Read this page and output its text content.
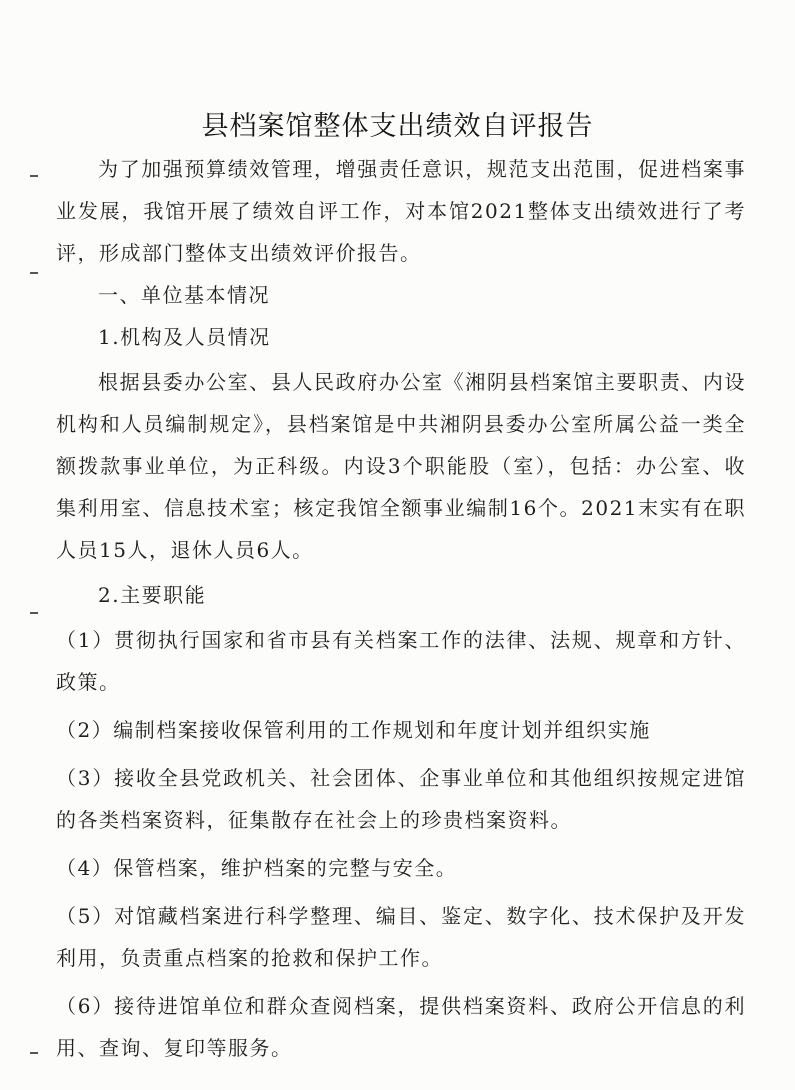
县档案馆整体支出绩效自评报告

为了加强预算绩效管理，增强责任意识，规范支出范围，促进档案事业发展，我馆开展了绩效自评工作，对本馆2021整体支出绩效进行了考评，形成部门整体支出绩效评价报告。

一、单位基本情况

1.机构及人员情况

根据县委办公室、县人民政府办公室《湘阴县档案馆主要职责、内设机构和人员编制规定》，县档案馆是中共湘阴县委办公室所属公益一类全额拨款事业单位，为正科级。内设3个职能股（室），包括：办公室、收集利用室、信息技术室；核定我馆全额事业编制16个。2021末实有在职人员15人，退休人员6人。

2.主要职能

（1）贯彻执行国家和省市县有关档案工作的法律、法规、规章和方针、政策。

（2）编制档案接收保管利用的工作规划和年度计划并组织实施

（3）接收全县党政机关、社会团体、企事业单位和其他组织按规定进馆的各类档案资料，征集散存在社会上的珍贵档案资料。

（4）保管档案，维护档案的完整与安全。

（5）对馆藏档案进行科学整理、编目、鉴定、数字化、技术保护及开发利用，负责重点档案的抢救和保护工作。

（6）接待进馆单位和群众查阅档案，提供档案资料、政府公开信息的利用、查询、复印等服务。
